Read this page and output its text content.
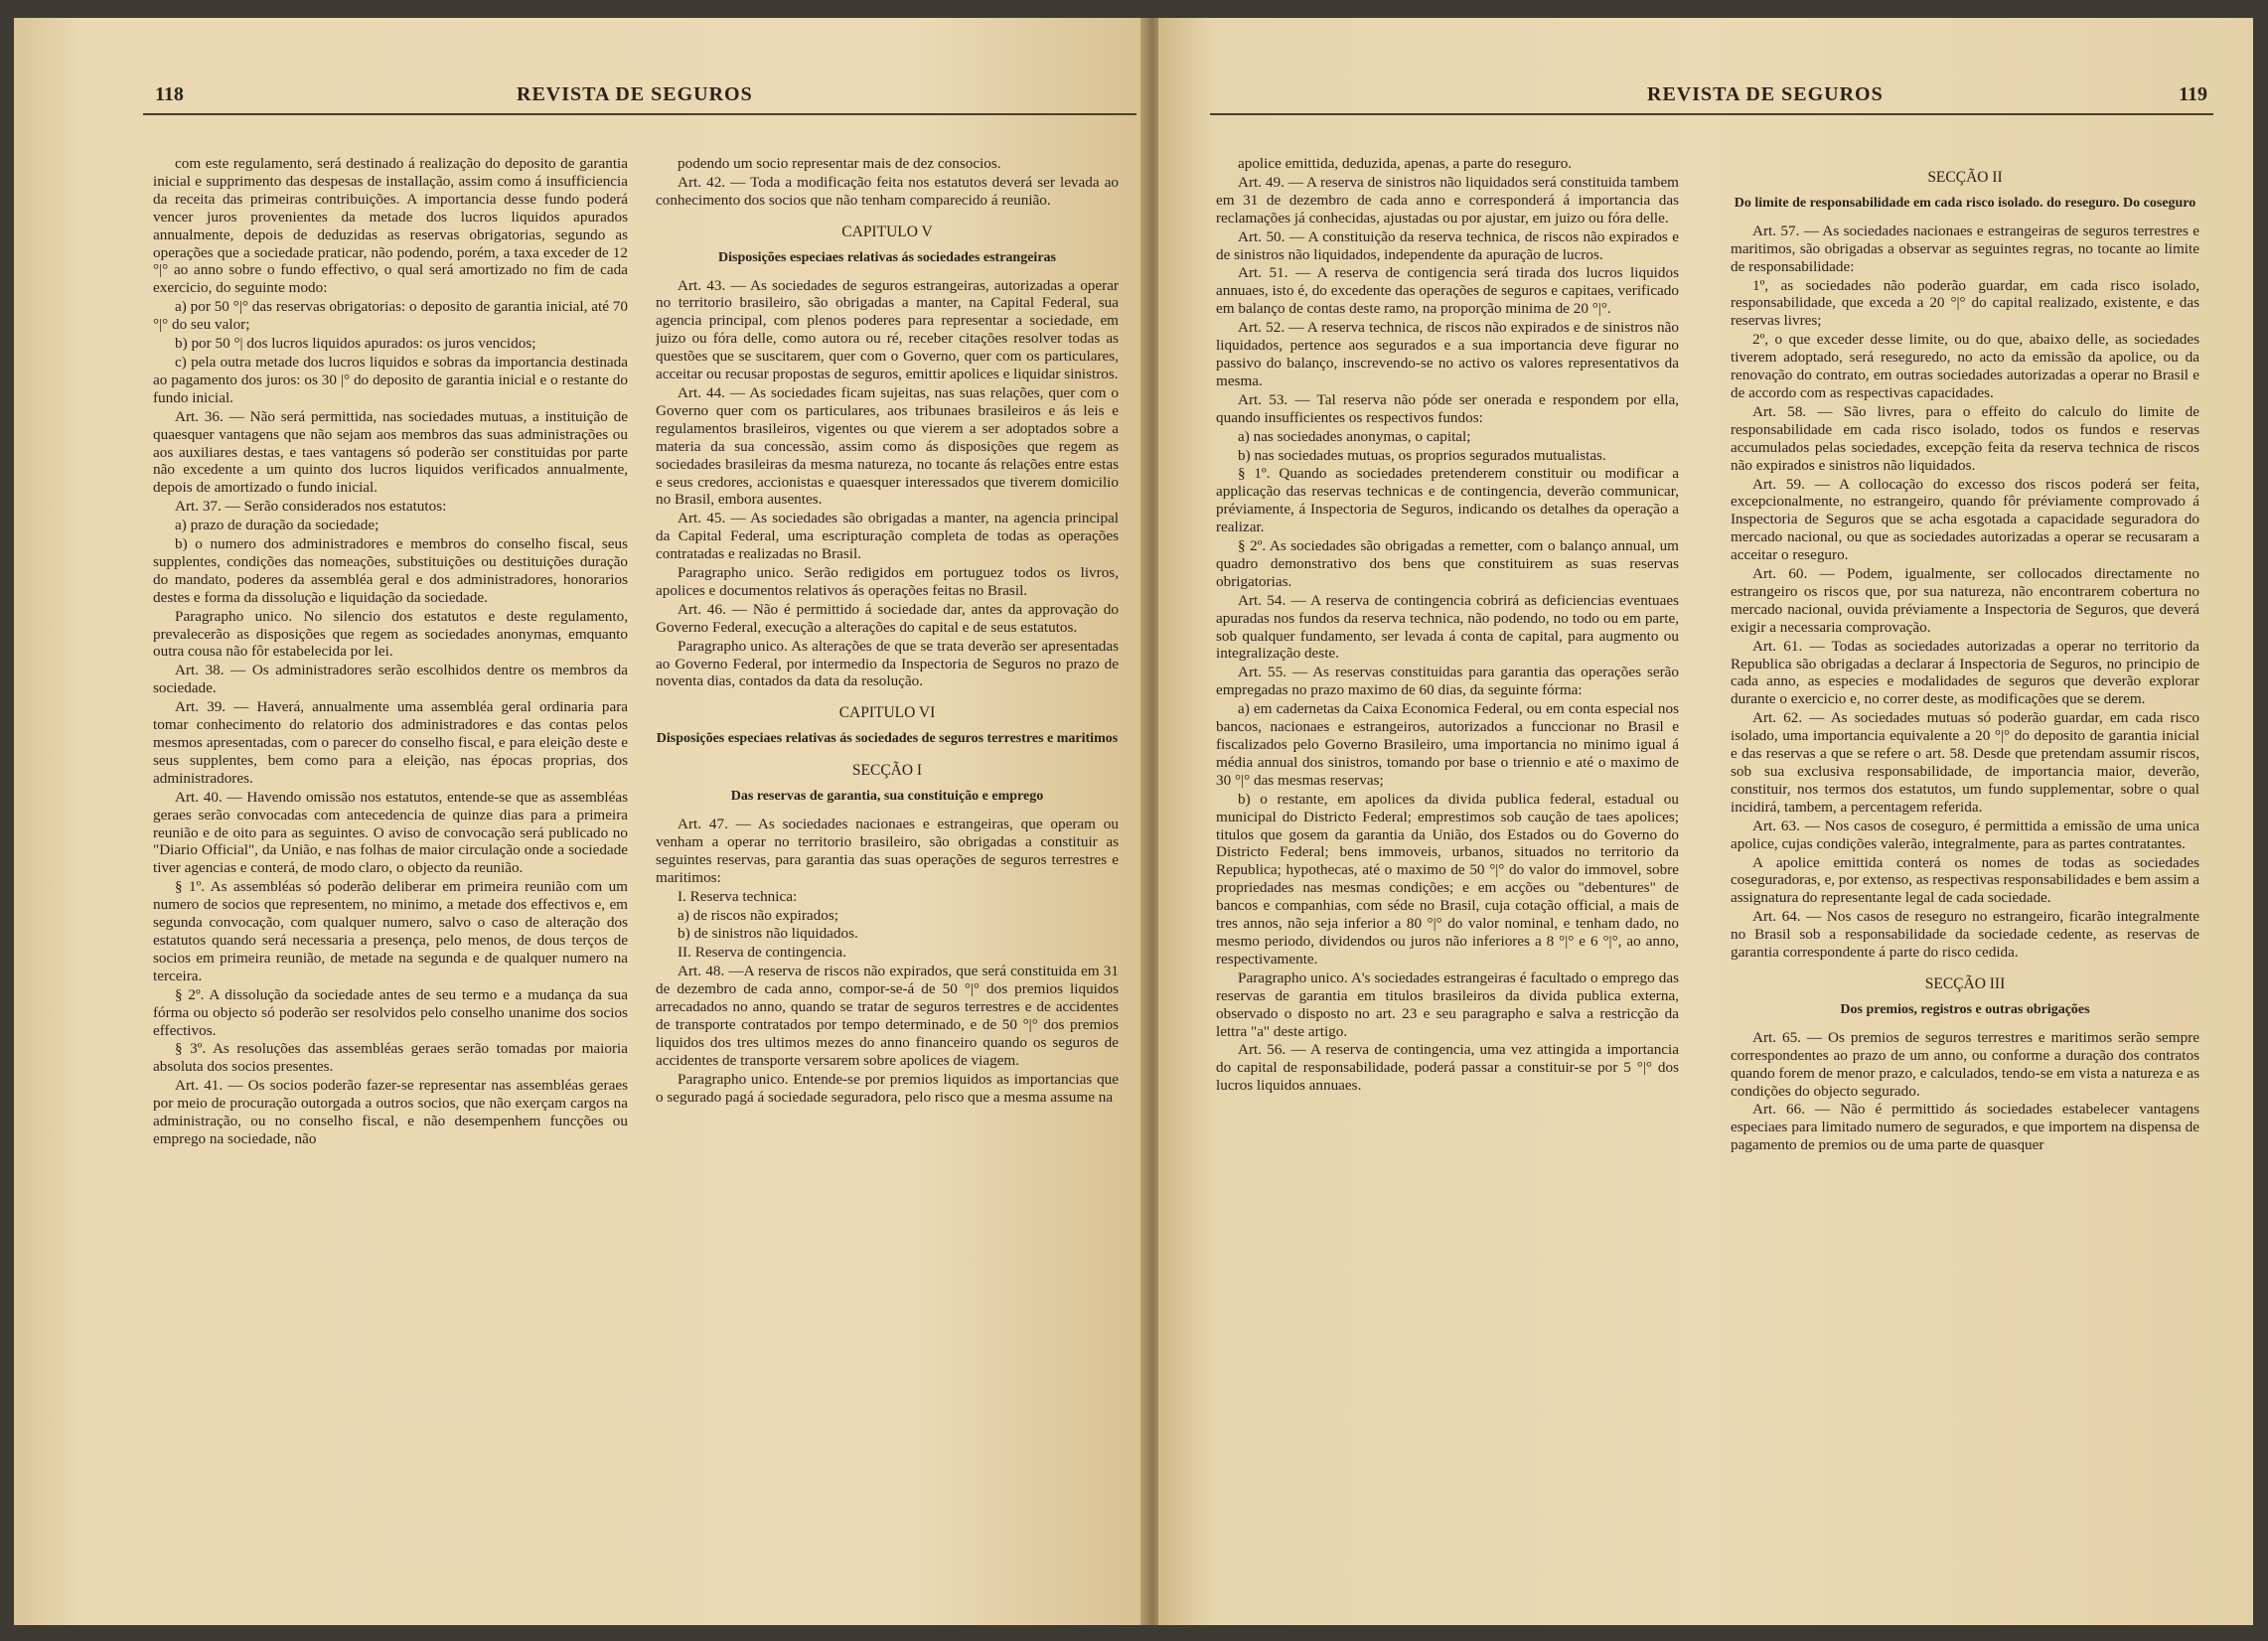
118	REVISTA DE SEGUROS

com este regulamento, será destinado á realização do deposito de garantia inicial e supprimento das despesas de installação, assim como á insufficiencia da receita das primeiras contribuições. A importancia desse fundo poderá vencer juros provenientes da metade dos lucros liquidos apurados annualmente, depois de deduzidas as reservas obrigatorias, segundo as operações que a sociedade praticar, não podendo, porém, a taxa exceder de 12 °|° ao anno sobre o fundo effectivo, o qual será amortizado no fim de cada exercicio, do seguinte modo:

a) por 50 °|° das reservas obrigatorias: o deposito de garantia inicial, até 70 °|° do seu valor;

b) por 50 °| dos lucros liquidos apurados: os juros vencidos;

c) pela outra metade dos lucros liquidos e sobras da importancia destinada ao pagamento dos juros: os 30 |° do deposito de garantia inicial e o restante do fundo inicial.

Art. 36. — Não será permittida, nas sociedades mutuas, a instituição de quaesquer vantagens que não sejam aos membros das suas administrações ou aos auxiliares destas, e taes vantagens só poderão ser constituidas por parte não excedente a um quinto dos lucros liquidos verificados annualmente, depois de amortizado o fundo inicial.

Art. 37. — Serão considerados nos estatutos:

a) prazo de duração da sociedade;

b) o numero dos administradores e membros do conselho fiscal, seus supplentes, condições das nomeações, substituições ou destituições duração do mandato, poderes da assembléa geral e dos administradores, honorarios destes e forma da dissolução e liquidação da sociedade.

Paragrapho unico. No silencio dos estatutos e deste regulamento, prevalecerão as disposições que regem as sociedades anonymas, emquanto outra cousa não fôr estabelecida por lei.

Art. 38. — Os administradores serão escolhidos dentre os membros da sociedade.

Art. 39. — Haverá, annualmente uma assembléa geral ordinaria para tomar conhecimento do relatorio dos administradores e das contas pelos mesmos apresentadas, com o parecer do conselho fiscal, e para eleição deste e seus supplentes, bem como para a eleição, nas épocas proprias, dos administradores.

Art. 40. — Havendo omissão nos estatutos, entende-se que as assembléas geraes serão convocadas com antecedencia de quinze dias para a primeira reunião e de oito para as seguintes. O aviso de convocação será publicado no "Diario Official", da União, e nas folhas de maior circulação onde a sociedade tiver agencias e conterá, de modo claro, o objecto da reunião.

§ 1º. As assembléas só poderão deliberar em primeira reunião com um numero de socios que representem, no minimo, a metade dos effectivos e, em segunda convocação, com qualquer numero, salvo o caso de alteração dos estatutos quando será necessaria a presença, pelo menos, de dous terços de socios em primeira reunião, de metade na segunda e de qualquer numero na terceira.

§ 2º. A dissolução da sociedade antes de seu termo e a mudança da sua fórma ou objecto só poderão ser resolvidos pelo conselho unanime dos socios effectivos.

§ 3º. As resoluções das assembléas geraes serão tomadas por maioria absoluta dos socios presentes.

Art. 41. — Os socios poderão fazer-se representar nas assembléas geraes por meio de procuração outorgada a outros socios, que não exerçam cargos na administração, ou no conselho fiscal, e não desempenhem funcções ou emprego na sociedade, não

podendo um socio representar mais de dez consocios.

Art. 42. — Toda a modificação feita nos estatutos deverá ser levada ao conhecimento dos socios que não tenham comparecido á reunião.

CAPITULO V

Disposições especiaes relativas ás sociedades estrangeiras

Art. 43. — As sociedades de seguros estrangeiras, autorizadas a operar no territorio brasileiro, são obrigadas a manter, na Capital Federal, sua agencia principal, com plenos poderes para representar a sociedade, em juizo ou fóra delle, como autora ou ré, receber citações resolver todas as questões que se suscitarem, quer com o Governo, quer com os particulares, acceitar ou recusar propostas de seguros, emittir apolices e liquidar sinistros.

Art. 44. — As sociedades ficam sujeitas, nas suas relações, quer com o Governo quer com os particulares, aos tribunaes brasileiros e ás leis e regulamentos brasileiros, vigentes ou que vierem a ser adoptados sobre a materia da sua concessão, assim como ás disposições que regem as sociedades brasileiras da mesma natureza, no tocante ás relações entre estas e seus credores, accionistas e quaesquer interessados que tiverem domicilio no Brasil, embora ausentes.

Art. 45. — As sociedades são obrigadas a manter, na agencia principal da Capital Federal, uma escripturação completa de todas as operações contratadas e realizadas no Brasil.

Paragrapho unico. Serão redigidos em portuguez todos os livros, apolices e documentos relativos ás operações feitas no Brasil.

Art. 46. — Não é permittido á sociedade dar, antes da approvação do Governo Federal, execução a alterações do capital e de seus estatutos.

Paragrapho unico. As alterações de que se trata deverão ser apresentadas ao Governo Federal, por intermedio da Inspectoria de Seguros no prazo de noventa dias, contados da data da resolução.

CAPITULO VI

Disposições especiaes relativas ás sociedades de seguros terrestres e maritimos

SECÇÃO I

Das reservas de garantia, sua constituição e emprego

Art. 47. — As sociedades nacionaes e estrangeiras, que operam ou venham a operar no territorio brasileiro, são obrigadas a constituir as seguintes reservas, para garantia das suas operações de seguros terrestres e maritimos:

I. Reserva technica:

a) de riscos não expirados;

b) de sinistros não liquidados.

II. Reserva de contingencia.

Art. 48. —A reserva de riscos não expirados, que será constituida em 31 de dezembro de cada anno, compor-se-á de 50 °|° dos premios liquidos arrecadados no anno, quando se tratar de seguros terrestres e de accidentes de transporte contratados por tempo determinado, e de 50 °|° dos premios liquidos dos tres ultimos mezes do anno financeiro quando os seguros de accidentes de transporte versarem sobre apolices de viagem.

Paragrapho unico. Entende-se por premios liquidos as importancias que o segurado pagá á sociedade seguradora, pelo risco que a mesma assume na

REVISTA DE SEGUROS	119

apolice emittida, deduzida, apenas, a parte do reseguro.

Art. 49. — A reserva de sinistros não liquidados será constituida tambem em 31 de dezembro de cada anno e corresponderá á importancia das reclamações já conhecidas, ajustadas ou por ajustar, em juizo ou fóra delle.

Art. 50. — A constituição da reserva technica, de riscos não expirados e de sinistros não liquidados, independente da apuração de lucros.

Art. 51. — A reserva de contigencia será tirada dos lucros liquidos annuaes, isto é, do excedente das operações de seguros e capitaes, verificado em balanço de contas deste ramo, na proporção minima de 20 °|°.

Art. 52. — A reserva technica, de riscos não expirados e de sinistros não liquidados, pertence aos segurados e a sua importancia deve figurar no passivo do balanço, inscrevendo-se no activo os valores representativos da mesma.

Art. 53. — Tal reserva não póde ser onerada e respondem por ella, quando insufficientes os respectivos fundos:

a) nas sociedades anonymas, o capital;

b) nas sociedades mutuas, os proprios segurados mutualistas.

§ 1º. Quando as sociedades pretenderem constituir ou modificar a applicação das reservas technicas e de contingencia, deverão communicar, préviamente, á Inspectoria de Seguros, indicando os detalhes da operação a realizar.

§ 2º. As sociedades são obrigadas a remetter, com o balanço annual, um quadro demonstrativo dos bens que constituirem as suas reservas obrigatorias.

Art. 54. — A reserva de contingencia cobrirá as deficiencias eventuaes apuradas nos fundos da reserva technica, não podendo, no todo ou em parte, sob qualquer fundamento, ser levada á conta de capital, para augmento ou integralização deste.

Art. 55. — As reservas constituidas para garantia das operações serão empregadas no prazo maximo de 60 dias, da seguinte fórma:

a) em cadernetas da Caixa Economica Federal, ou em conta especial nos bancos, nacionaes e estrangeiros, autorizados a funccionar no Brasil e fiscalizados pelo Governo Brasileiro, uma importancia no minimo igual á média annual dos sinistros, tomando por base o triennio e até o maximo de 30 °|° das mesmas reservas;

b) o restante, em apolices da divida publica federal, estadual ou municipal do Districto Federal; emprestimos sob caução de taes apolices; titulos que gosem da garantia da União, dos Estados ou do Governo do Districto Federal; bens immoveis, urbanos, situados no territorio da Republica; hypothecas, até o maximo de 50 °|° do valor do immovel, sobre propriedades nas mesmas condições; e em acções ou "debentures" de bancos e companhias, com séde no Brasil, cuja cotação official, a mais de tres annos, não seja inferior a 80 °|° do valor nominal, e tenham dado, no mesmo periodo, dividendos ou juros não inferiores a 8 °|° e 6 °|°, ao anno, respectivamente.

Paragrapho unico. A's sociedades estrangeiras é facultado o emprego das reservas de garantia em titulos brasileiros da divida publica externa, observado o disposto no art. 23 e seu paragrapho e salva a restricção da lettra "a" deste artigo.

Art. 56. — A reserva de contingencia, uma vez attingida a importancia do capital de responsabilidade, poderá passar a constituir-se por 5 °|° dos lucros liquidos annuaes.

SECÇÃO II

Do limite de responsabilidade em cada risco isolado. do reseguro. Do coseguro

Art. 57. — As sociedades nacionaes e estrangeiras de seguros terrestres e maritimos, são obrigadas a observar as seguintes regras, no tocante ao limite de responsabilidade:

1º, as sociedades não poderão guardar, em cada risco isolado, responsabilidade, que exceda a 20 °|° do capital realizado, existente, e das reservas livres;

2º, o que exceder desse limite, ou do que, abaixo delle, as sociedades tiverem adoptado, será reseguredo, no acto da emissão da apolice, ou da renovação do contrato, em outras sociedades autorizadas a operar no Brasil e de accordo com as respectivas capacidades.

Art. 58. — São livres, para o effeito do calculo do limite de responsabilidade em cada risco isolado, todos os fundos e reservas accumulados pelas sociedades, excepção feita da reserva technica de riscos não expirados e sinistros não liquidados.

Art. 59. — A collocação do excesso dos riscos poderá ser feita, excepcionalmente, no estrangeiro, quando fôr préviamente comprovado á Inspectoria de Seguros que se acha esgotada a capacidade seguradora do mercado nacional, ou que as sociedades autorizadas a operar se recusaram a acceitar o reseguro.

Art. 60. — Podem, igualmente, ser collocados directamente no estrangeiro os riscos que, por sua natureza, não encontrarem cobertura no mercado nacional, ouvida préviamente a Inspectoria de Seguros, que deverá exigir a necessaria comprovação.

Art. 61. — Todas as sociedades autorizadas a operar no territorio da Republica são obrigadas a declarar á Inspectoria de Seguros, no principio de cada anno, as especies e modalidades de seguros que deverão explorar durante o exercicio e, no correr deste, as modificações que se derem.

Art. 62. — As sociedades mutuas só poderão guardar, em cada risco isolado, uma importancia equivalente a 20 °|° do deposito de garantia inicial e das reservas a que se refere o art. 58. Desde que pretendam assumir riscos, sob sua exclusiva responsabilidade, de importancia maior, deverão, constituir, nos termos dos estatutos, um fundo supplementar, sobre o qual incidirá, tambem, a percentagem referida.

Art. 63. — Nos casos de coseguro, é permittida a emissão de uma unica apolice, cujas condições valerão, integralmente, para as partes contratantes.

A apolice emittida conterá os nomes de todas as sociedades coseguradoras, e, por extenso, as respectivas responsabilidades e bem assim a assignatura do representante legal de cada sociedade.

Art. 64. — Nos casos de reseguro no estrangeiro, ficarão integralmente no Brasil sob a responsabilidade da sociedade cedente, as reservas de garantia correspondente á parte do risco cedida.

SECÇÃO III

Dos premios, registros e outras obrigações

Art. 65. — Os premios de seguros terrestres e maritimos serão sempre correspondentes ao prazo de um anno, ou conforme a duração dos contratos quando forem de menor prazo, e calculados, tendo-se em vista a natureza e as condições do objecto segurado.

Art. 66. — Não é permittido ás sociedades estabelecer vantagens especiaes para limitado numero de segurados, e que importem na dispensa de pagamento de premios ou de uma parte de quasquer
